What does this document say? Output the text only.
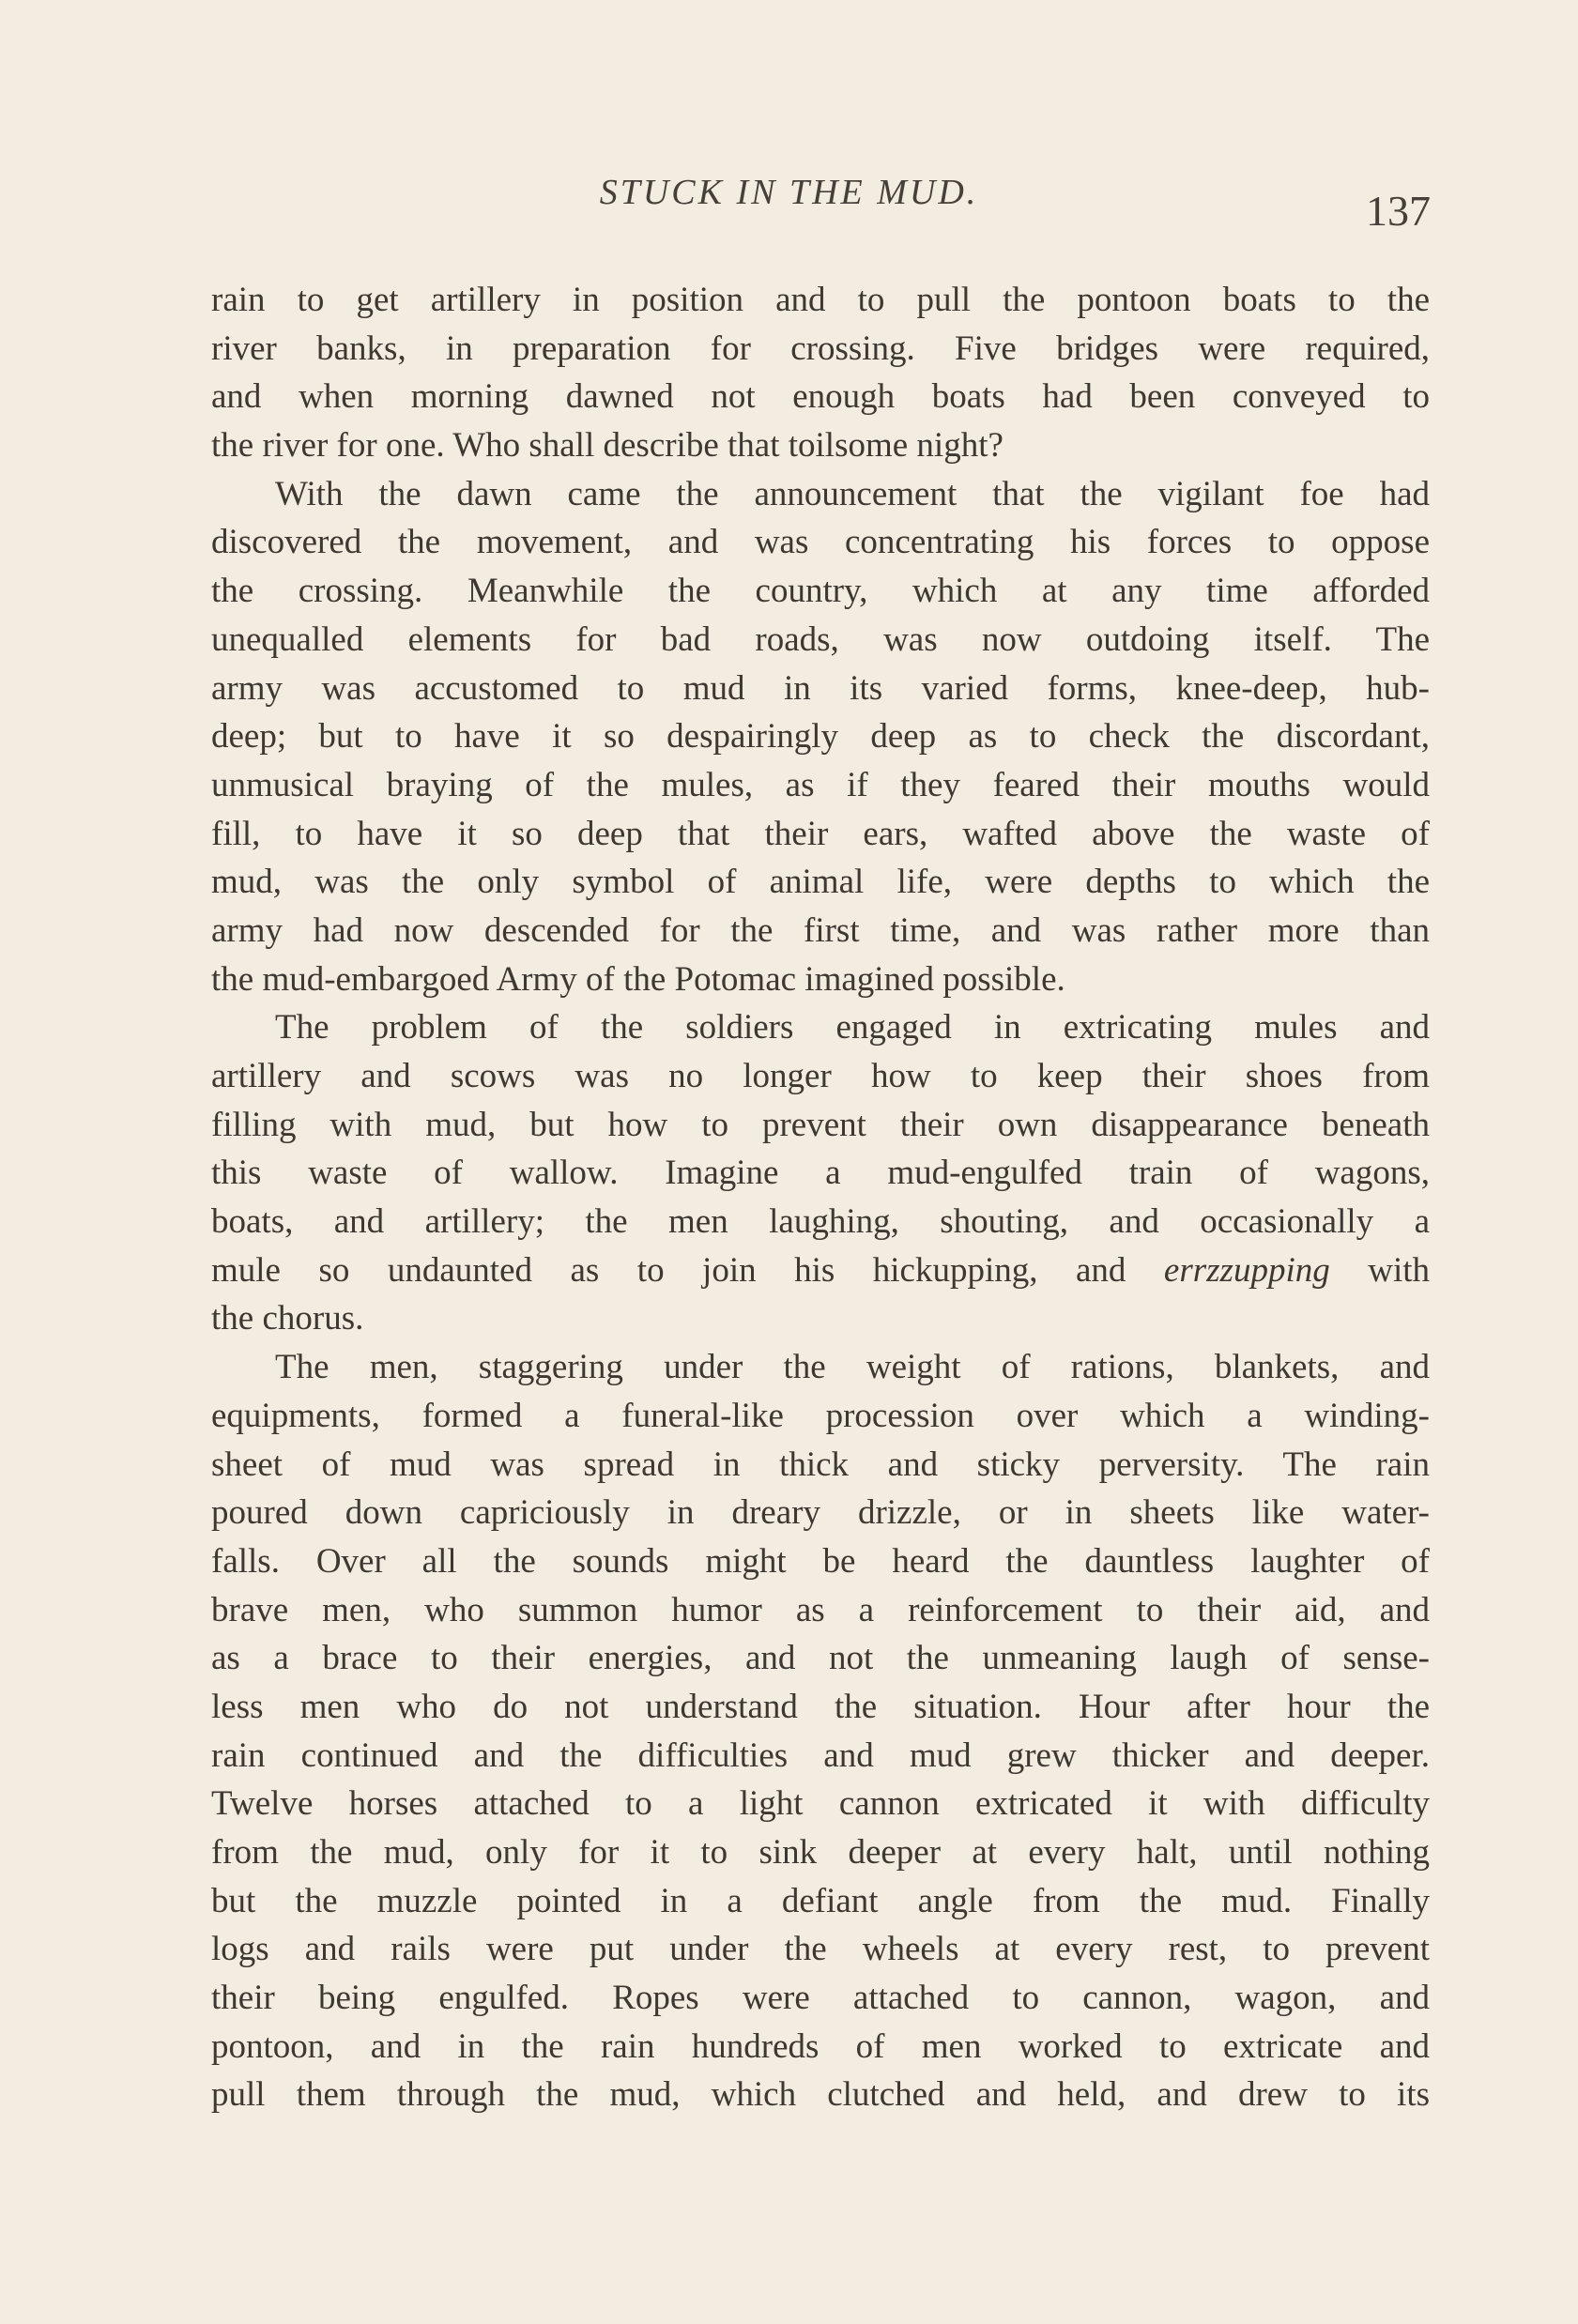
STUCK IN THE MUD.	137
rain to get artillery in position and to pull the pontoon boats to the
river banks, in preparation for crossing. Five bridges were required,
and when morning dawned not enough boats had been conveyed to
the river for one. Who shall describe that toilsome night?
With the dawn came the announcement that the vigilant foe had
discovered the movement, and was concentrating his forces to oppose
the crossing. Meanwhile the country, which at any time afforded
unequalled elements for bad roads, was now outdoing itself. The
army was accustomed to mud in its varied forms, knee-deep, hub-
deep; but to have it so despairingly deep as to check the discordant,
unmusical braying of the mules, as if they feared their mouths would
fill, to have it so deep that their ears, wafted above the waste of
mud, was the only symbol of animal life, were depths to which the
army had now descended for the first time, and was rather more than
the mud-embargoed Army of the Potomac imagined possible.
The problem of the soldiers engaged in extricating mules and
artillery and scows was no longer how to keep their shoes from
filling with mud, but how to prevent their own disappearance beneath
this waste of wallow. Imagine a mud-engulfed train of wagons,
boats, and artillery; the men laughing, shouting, and occasionally a
mule so undaunted as to join his hickupping, and errzzupping with
the chorus.
The men, staggering under the weight of rations, blankets, and
equipments, formed a funeral-like procession over which a winding-
sheet of mud was spread in thick and sticky perversity. The rain
poured down capriciously in dreary drizzle, or in sheets like water-
falls. Over all the sounds might be heard the dauntless laughter of
brave men, who summon humor as a reinforcement to their aid, and
as a brace to their energies, and not the unmeaning laugh of sense-
less men who do not understand the situation. Hour after hour the
rain continued and the difficulties and mud grew thicker and deeper.
Twelve horses attached to a light cannon extricated it with difficulty
from the mud, only for it to sink deeper at every halt, until nothing
but the muzzle pointed in a defiant angle from the mud. Finally
logs and rails were put under the wheels at every rest, to prevent
their being engulfed. Ropes were attached to cannon, wagon, and
pontoon, and in the rain hundreds of men worked to extricate and
pull them through the mud, which clutched and held, and drew to its
